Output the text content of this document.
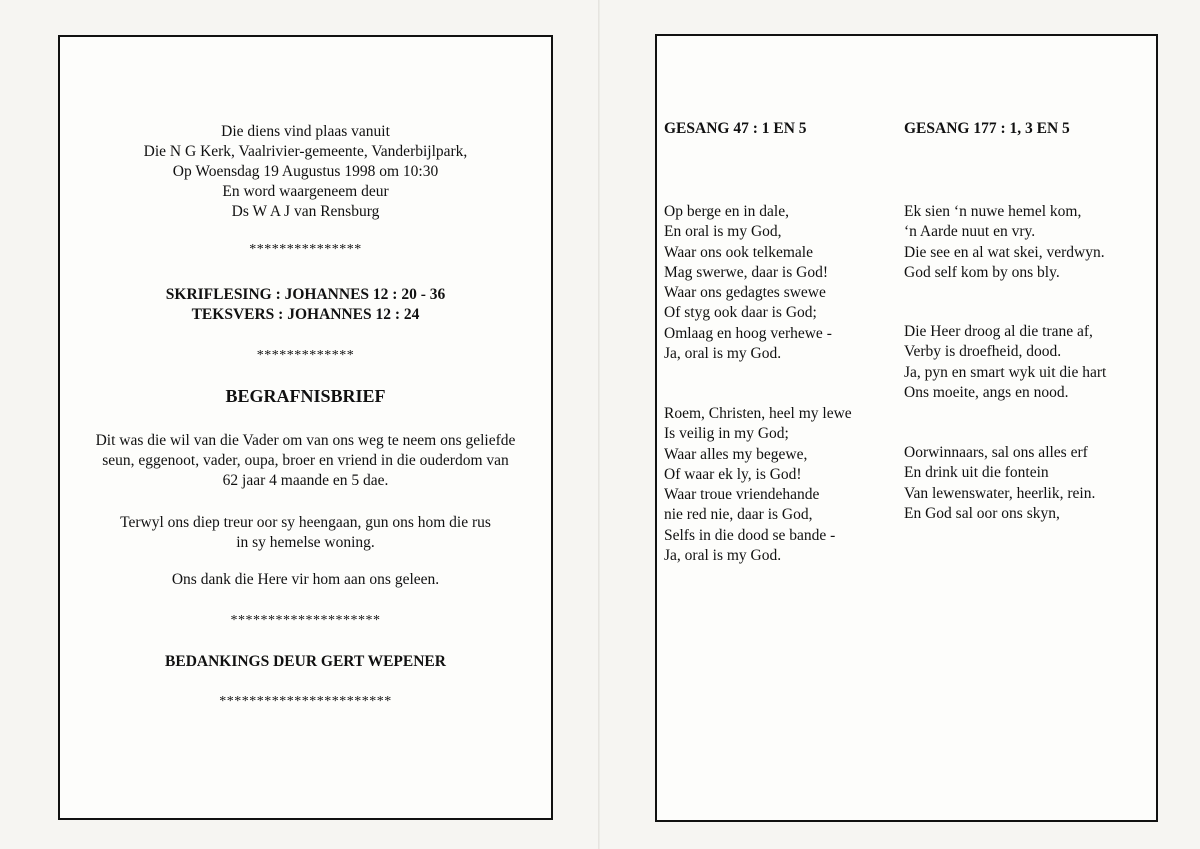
Die diens vind plaas vanuit
Die N G Kerk, Vaalrivier-gemeente, Vanderbijlpark,
Op Woensdag 19 Augustus 1998 om 10:30
En word waargeneem deur
Ds W A J van Rensburg
***************
SKRIFLESING : JOHANNES 12 : 20 - 36
TEKSVERS : JOHANNES 12 : 24
*************
BEGRAFNISBRIEF
Dit was die wil van die Vader om van ons weg te neem ons geliefde
seun, eggenoot, vader, oupa, broer en vriend in die ouderdom van
62 jaar 4 maande en 5 dae.
Terwyl ons diep treur oor sy heengaan, gun ons hom die rus
in sy hemelse woning.
Ons dank die Here vir hom aan ons geleen.
********************
BEDANKINGS DEUR GERT WEPENER
***********************
GESANG 47 : 1 EN 5	GESANG 177 : 1, 3 EN 5
Op berge en in dale,
En oral is my God,
Waar ons ook telkemale
Mag swerwe, daar is God!
Waar ons gedagtes swewe
Of styg ook daar is God;
Omlaag en hoog verhewe -
Ja, oral is my God.
Roem, Christen, heel my lewe
Is veilig in my God;
Waar alles my begewe,
Of waar ek ly, is God!
Waar troue vriendehande
nie red nie, daar is God,
Selfs in die dood se bande -
Ja, oral is my God.
Ek sien ‘n nuwe hemel kom,
‘n Aarde nuut en vry.
Die see en al wat skei, verdwyn.
God self kom by ons bly.
Die Heer droog al die trane af,
Verby is droefheid, dood.
Ja, pyn en smart wyk uit die hart
Ons moeite, angs en nood.
Oorwinnaars, sal ons alles erf
En drink uit die fontein
Van lewenswater, heerlik, rein.
En God sal oor ons skyn,
